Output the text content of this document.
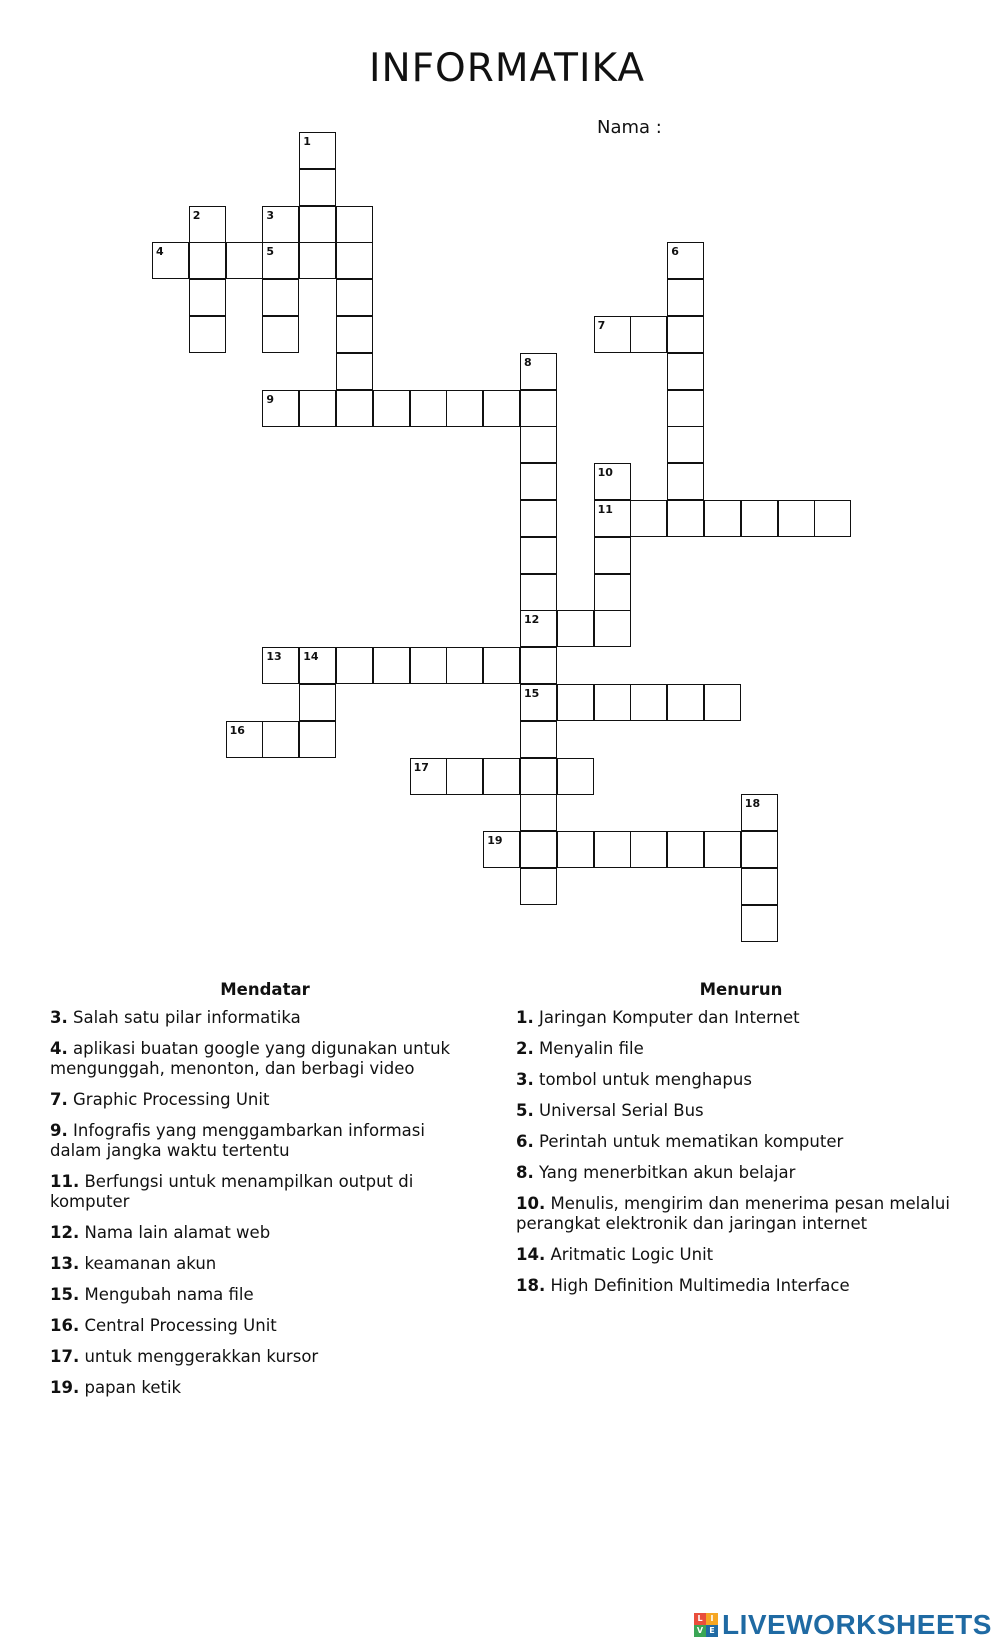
INFORMATIKA
Nama :
1
2	3
4	5
8
9
12
13 14
15
16
17
18
19
6
7
10
11
Mendatar
3. Salah satu pilar informatika
4. aplikasi buatan google yang digunakan untuk mengunggah, menonton, dan berbagi video
7. Graphic Processing Unit
9. Infografis yang menggambarkan informasi dalam jangka waktu tertentu
11. Berfungsi untuk menampilkan output di komputer
12. Nama lain alamat web
13. keamanan akun
15. Mengubah nama file
16. Central Processing Unit
17. untuk menggerakkan kursor
19. papan ketik
Menurun
1. Jaringan Komputer dan Internet
2. Menyalin file
3. tombol untuk menghapus
5. Universal Serial Bus
6. Perintah untuk mematikan komputer
8. Yang menerbitkan akun belajar
10. Menulis, mengirim dan menerima pesan melalui perangkat elektronik dan jaringan internet
14. Aritmatic Logic Unit
18. High Definition Multimedia Interface
L I
V E LIVEWORKSHEETS
